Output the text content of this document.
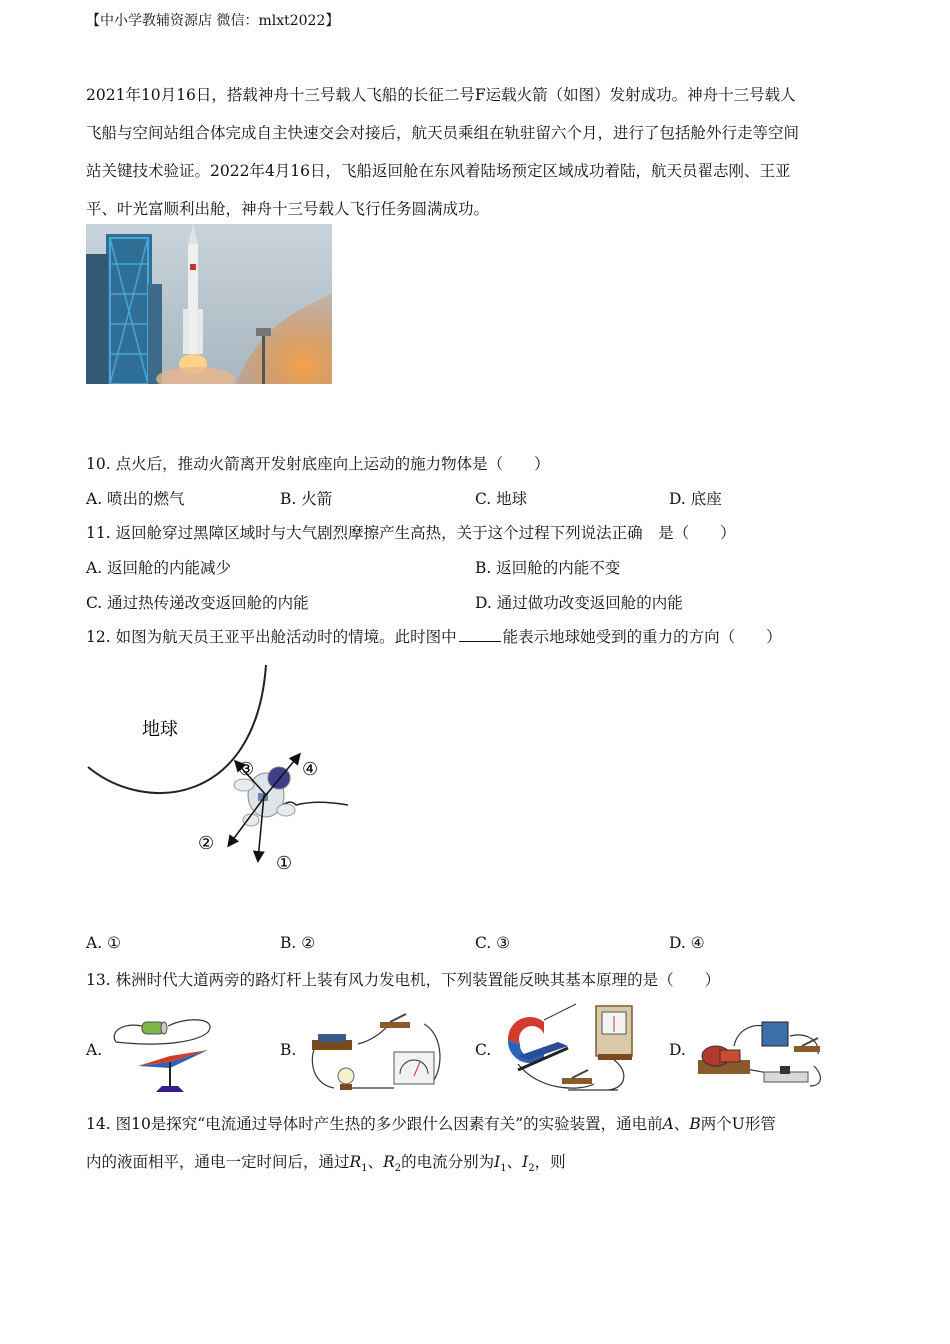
【中小学教辅资源店 微信：mlxt2022】

2021年10月16日，搭载神舟十三号载人飞船的长征二号F运载火箭（如图）发射成功。神舟十三号载人

飞船与空间站组合体完成自主快速交会对接后，航天员乘组在轨驻留六个月，进行了包括舱外行走等空间

站关键技术验证。2022年4月16日，飞船返回舱在东风着陆场预定区域成功着陆，航天员翟志刚、王亚

平、叶光富顺利出舱，神舟十三号载人飞行任务圆满成功。

10. 点火后，推动火箭离开发射底座向上运动的施力物体是（　　）
A. 喷出的燃气	B. 火箭	C. 地球	D. 底座
11. 返回舱穿过黑障区域时与大气剧烈摩擦产生高热，关于这个过程下列说法正确　是（　　）
A. 返回舱的内能减少	B. 返回舱的内能不变
C. 通过热传递改变返回舱的内能	D. 通过做功改变返回舱的内能
12. 如图为航天员王亚平出舱活动时的情境。此时图中	能表示地球她受到的重力的方向（　　）
地球
①
②
③	④
A. ①	B. ②	C. ③	D. ④
13. 株洲时代大道两旁的路灯杆上装有风力发电机，下列装置能反映其基本原理的是（　　）
A.	B.	C.	D.
14. 图10是探究“电流通过导体时产生热的多少跟什么因素有关”的实验装置，通电前A、B两个U形管
内的液面相平，通电一定时间后，通过$R_1$、$R_2$的电流分别为$I_1$、$I_2$，则
